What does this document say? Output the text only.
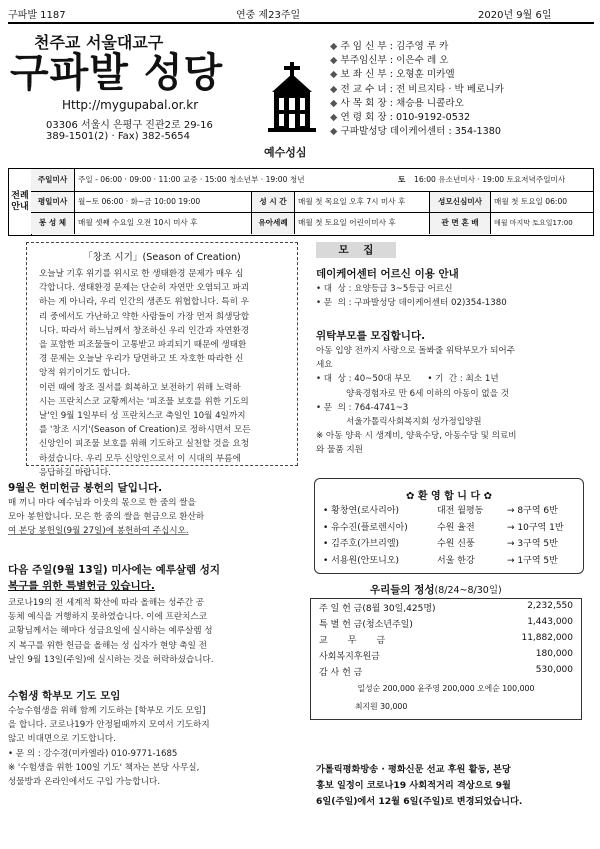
구파발 1187	연중 제23주일	2020년 9월 6일
천주교 서울대교구
구파발 성당
Http://mygupabal.or.kr
03306 서울시 은평구 진관2로 29-16
389-1501(2) · Fax) 382-5654
예수성심
◆ 주 임 신 부 : 김주영 루 카
◆ 부주임신부 : 이은수 레 오
◆ 보 좌 신 부 : 오형훈 미카엘
◆ 전 교 수 녀 : 전 비르지타 · 박 베로니카
◆ 사 목 회 장 : 채승용 니콜라오
◆ 연 령 회 장 : 010-9192-0532
◆ 구파발성당 데이케어센터 : 354-1380
전례 안내
주일미사	주일 - 06:00 · 09:00 · 11:00 교중 · 15:00 청소년부 · 19:00 청년	토	16:00 유소년미사 · 19:00 토요저녁주일미사
평일미사	월~토 06:00 · 화~금 10:00 19:00	성 시 간	매월 첫 목요일 오후 7시 미사 후	성모신심미사	매월 첫 토요일 06:00
봉 성 체	매월 셋째 수요일 오전 10시 미사 후	유아세례	매월 첫 토요일 어린이미사 후	관 면 혼 배	매월 마지막 토요일17:00
「창조 시기」(Season of Creation)
오늘날 기후 위기를 위시로 한 생태환경 문제가 매우 심
각합니다. 생태환경 문제는 단순히 자연만 오염되고 파괴
하는 게 아니라, 우리 인간의 생존도 위협합니다. 특히 우
리 중에서도 가난하고 약한 사람들이 가장 먼저 희생당합
니다. 따라서 하느님께서 창조하신 우리 인간과 자연환경
을 포함한 피조물들이 고통받고 파괴되기 때문에 생태환
경 문제는 오늘날 우리가 당면하고 또 자호한 따라한 신
앙적 위기이기도 합니다.
이런 때에 창조 질서를 회복하고 보전하기 위해 노력하
시는 프란치스코 교황께서는 '피조물 보호를 위한 기도의
날'인 9월 1일부터 성 프란치스코 축일인 10월 4일까지
를 '창조 시기'(Season of Creation)로 정하시면서 모든
신앙인이 피조물 보호를 위해 기도하고 실천할 것을 요청
하셨습니다. 우리 모두 신앙인으로서 이 시대의 부름에
응답하길 바랍니다.
9월은 헌미헌금 봉헌의 달입니다.
매 끼니 마다 예수님과 이웃의 몫으로 한 줌의 쌀을
모아 봉헌합니다. 모은 한 줌의 쌀을 현금으로 환산하
여 본당 봉헌일(9월 27일)에 봉헌하여 주십시오.
다음 주일(9월 13일) 미사에는 예루살렘 성지
복구를 위한 특별헌금 있습니다.
코로나19의 전 세계적 확산에 따라 올해는 성주간 공
동체 예식을 거행하지 못하였습니다. 이에 프란치스코
교황님께서는 해마다 성금요일에 실시하는 예루살렘 성
지 복구를 위한 헌금을 올해는 성 십자가 현양 축일 전
날인 9월 13일(주일)에 실시하는 것을 허락하셨습니다.
수험생 학부모 기도 모임
수능수험생을 위해 함께 기도하는 [학부모 기도 모임]
을 합니다. 코로나19가 안정될때까지 모여서 기도하지
않고 비대면으로 기도합니다.
• 문 의 : 강수경(미카엘라) 010-9771-1685
※ '수험생을 위한 100일 기도' 책자는 본당 사무실,
성물방과 온라인에서도 구입 가능합니다.
모    집
데이케어센터 어르신 이용 안내
• 대  상 : 요양등급 3~5등급 어르신
• 문  의 : 구파발성당 데이케어센터 02)354-1380
위탁부모를 모집합니다.
아동 입양 전까지 사랑으로 돌봐줄 위탁부모가 되어주
세요
• 대  상 : 40~50대 부모      • 기  간 : 최소 1년
양육경험자로 만 6세 이하의 아동이 없을 것
• 문  의 : 764-4741~3
서울가톨릭사회복지회 성가정입양원
※ 아동 양육 시 생계비, 양육수당, 아동수당 및 의료비
와 물품 지원
✿ 환 영 합 니 다 ✿
• 황창연(로사리아)	대전 월평동	→ 8구역 6반
• 유수진(플로렌시아)	수원 율전	→ 10구역 1반
• 김주호(가브리엘)	수원 신풍	→ 3구역 5반
• 서용원(안또니오)	서울 한강	→ 1구역 5반
우리들의 정성(8/24~8/30일)
주 일 헌 금(8월 30일,425명)	2,232,550
특 별 헌 금(청소년주일)	1,443,000
교       무       금	11,882,000
사회복지후원금	180,000
감 사 헌 금	530,000
일성순 200,000 윤주영 200,000 오에순 100,000
최지원 30,000
가톨릭평화방송 · 평화신문 선교 후원 활동, 본당
홍보 일정이 코로나19 사회적거리 격상으로 9월
6일(주일)에서 12월 6일(주일)로 변경되었습니다.
